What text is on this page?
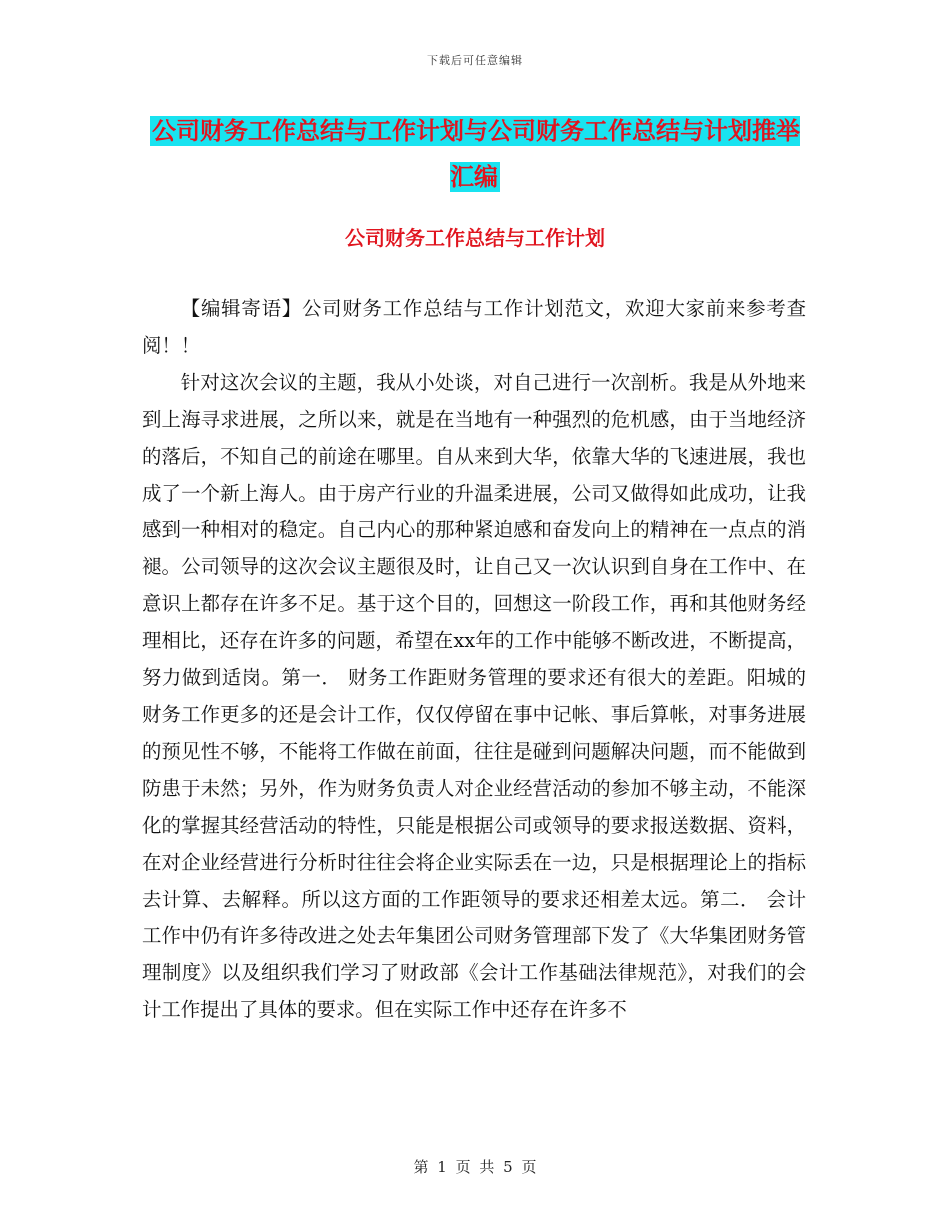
下载后可任意编辑
公司财务工作总结与工作计划与公司财务工作总结与计划推举汇编
公司财务工作总结与工作计划

【编辑寄语】公司财务工作总结与工作计划范文，欢迎大家前来参考查阅！！

针对这次会议的主题，我从小处谈，对自己进行一次剖析。我是从外地来到上海寻求进展，之所以来，就是在当地有一种强烈的危机感，由于当地经济的落后，不知自己的前途在哪里。自从来到大华，依靠大华的飞速进展，我也成了一个新上海人。由于房产行业的升温柔进展，公司又做得如此成功，让我感到一种相对的稳定。自己内心的那种紧迫感和奋发向上的精神在一点点的消褪。公司领导的这次会议主题很及时，让自己又一次认识到自身在工作中、在意识上都存在许多不足。基于这个目的，回想这一阶段工作，再和其他财务经理相比，还存在许多的问题，希望在xx年的工作中能够不断改进，不断提高，努力做到适岗。第一． 财务工作距财务管理的要求还有很大的差距。阳城的财务工作更多的还是会计工作，仅仅停留在事中记帐、事后算帐，对事务进展的预见性不够，不能将工作做在前面，往往是碰到问题解决问题，而不能做到防患于未然；另外，作为财务负责人对企业经营活动的参加不够主动，不能深化的掌握其经营活动的特性，只能是根据公司或领导的要求报送数据、资料，在对企业经营进行分析时往往会将企业实际丢在一边，只是根据理论上的指标去计算、去解释。所以这方面的工作距领导的要求还相差太远。第二． 会计工作中仍有许多待改进之处去年集团公司财务管理部下发了《大华集团财务管理制度》以及组织我们学习了财政部《会计工作基础法律规范》，对我们的会计工作提出了具体的要求。但在实际工作中还存在许多不

第 1 页 共 5 页
